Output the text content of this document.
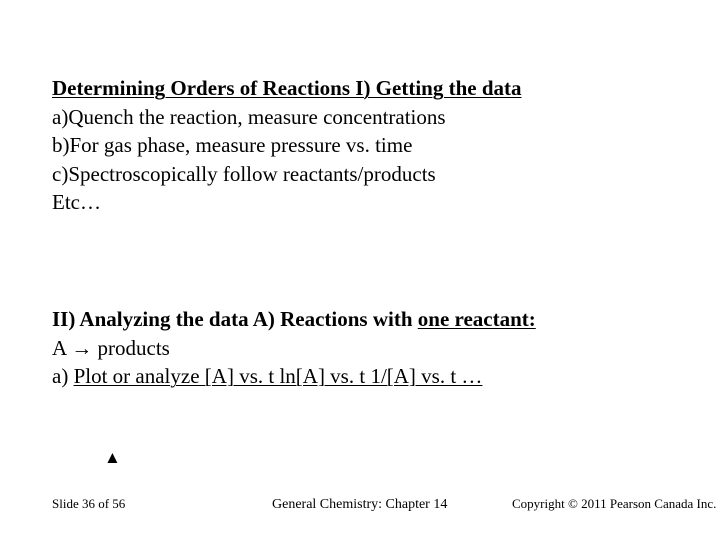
Determining Orders of Reactions I) Getting the data
a)Quench the reaction, measure concentrations
b)For gas phase, measure pressure vs. time
c)Spectroscopically follow reactants/products
Etc…
II) Analyzing the data A) Reactions with one reactant:
A → products
a) Plot or analyze [A] vs. t ln[A] vs. t 1/[A] vs. t …
▲
Slide 36 of 56	General Chemistry: Chapter 14	Copyright © 2011 Pearson Canada Inc.
